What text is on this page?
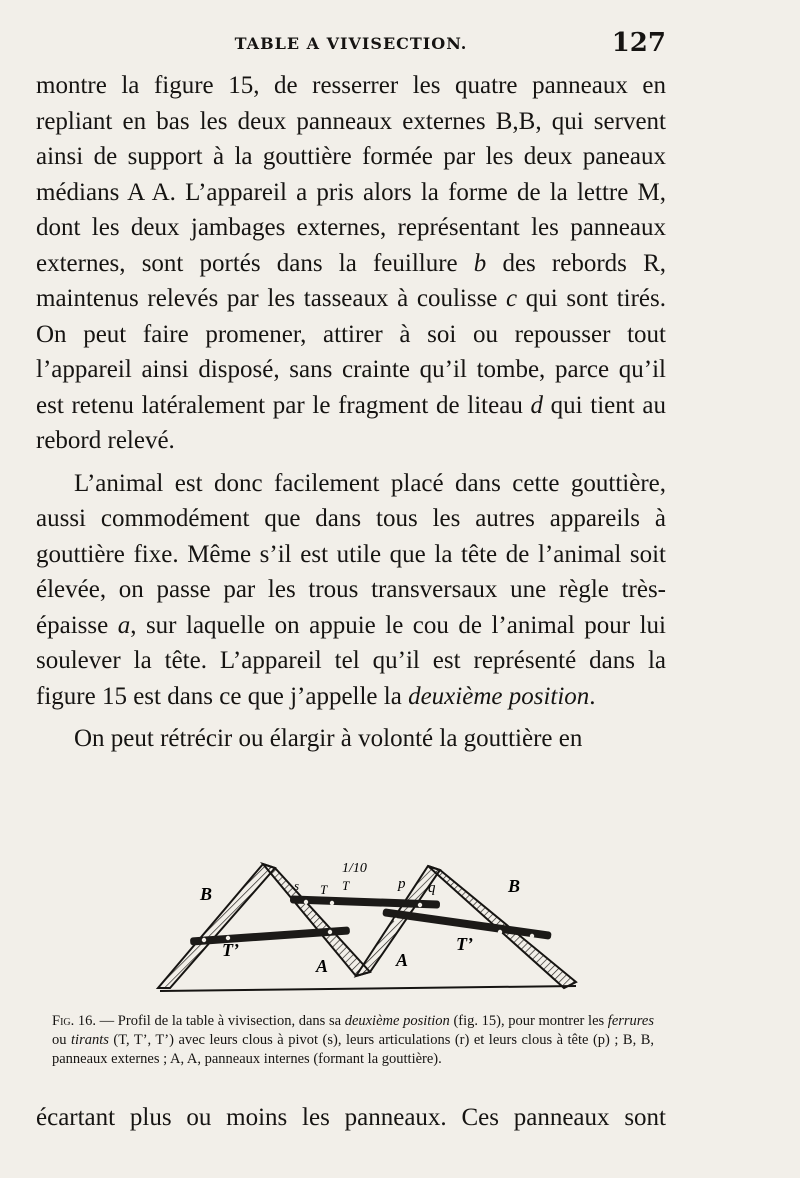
TABLE A VIVISECTION.	127

montre la figure 15, de resserrer les quatre panneaux en repliant en bas les deux panneaux externes B,B, qui servent ainsi de support à la gouttière formée par les deux paneaux médians A A. L’appareil a pris alors la forme de la lettre M, dont les deux jambages externes, représentant les panneaux externes, sont portés dans la feuillure b des rebords R, maintenus relevés par les tasseaux à coulisse c qui sont tirés. On peut faire promener, attirer à soi ou repousser tout l’appareil ainsi disposé, sans crainte qu’il tombe, parce qu’il est retenu latéralement par le fragment de liteau d qui tient au rebord relevé.

L’animal est donc facilement placé dans cette gouttière, aussi commodément que dans tous les autres appareils à gouttière fixe. Même s’il est utile que la tête de l’animal soit élevée, on passe par les trous transversaux une règle très-épaisse a, sur laquelle on appuie le cou de l’animal pour lui soulever la tête. L’appareil tel qu’il est représenté dans la figure 15 est dans ce que j’appelle la deuxième position.

On peut rétrécir ou élargir à volonté la gouttière en

B	B
A	A
T’	T’
T T
s	p q
1/10
Fig. 16. — Profil de la table à vivisection, dans sa deuxième position (fig. 15), pour montrer les ferrures ou tirants (T, T’, T’) avec leurs clous à pivot (s), leurs articulations (r) et leurs clous à tête (p) ; B, B, panneaux externes ; A, A, panneaux internes (formant la gouttière).
écartant plus ou moins les panneaux. Ces panneaux sont
